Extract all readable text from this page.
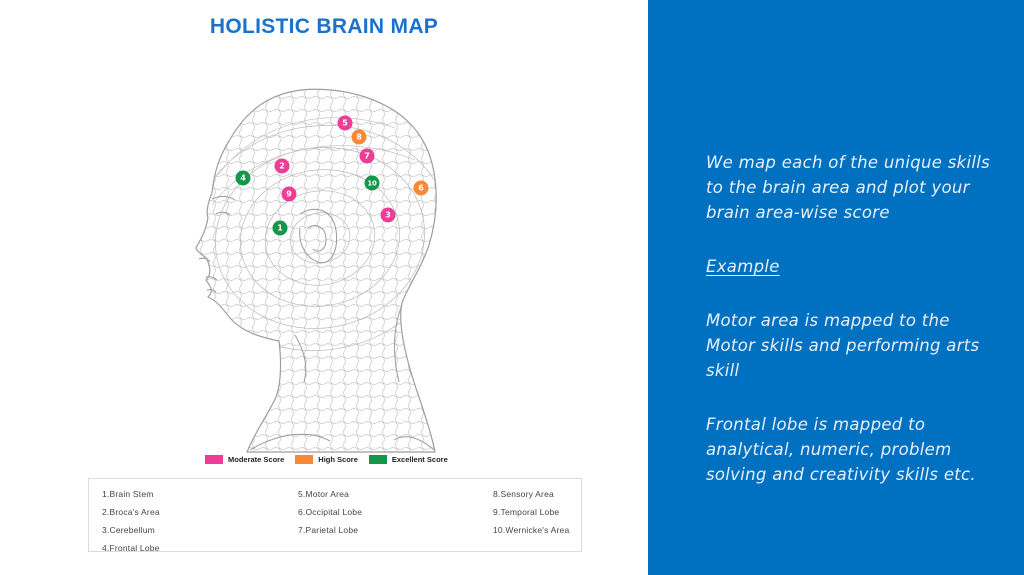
HOLISTIC BRAIN MAP
1
2
3
4
5
6
7
8
9
10
Moderate Score	High Score	Excellent Score
1.Brain Stem
2.Broca's Area
3.Cerebellum
4.Frontal Lobe
5.Motor Area
6.Occipital Lobe
7.Parietal Lobe
8.Sensory Area
9.Temporal Lobe
10.Wernicke's Area

We map each of the unique skills to the brain area and plot your brain area-wise score

Example

Motor area is mapped to the Motor skills and performing arts skill

Frontal lobe is mapped to analytical, numeric, problem solving and creativity skills etc.
